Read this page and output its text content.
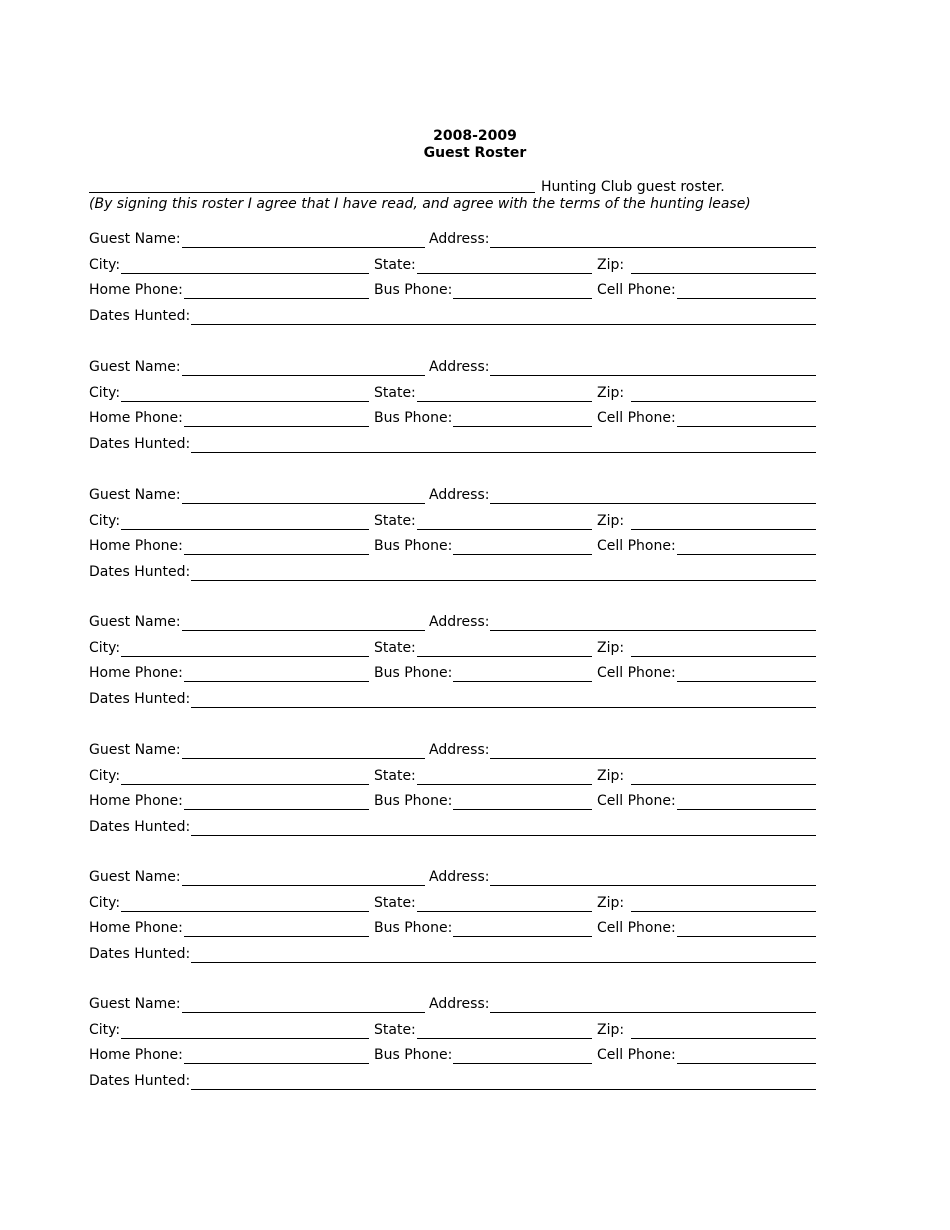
2008-2009
Guest Roster
Hunting Club guest roster.
(By signing this roster I agree that I have read, and agree with the terms of the hunting lease)
Guest Name:	Address:
City:	State:	Zip:
Home Phone:	Bus Phone:	Cell Phone:
Dates Hunted:
Guest Name:	Address:
City:	State:	Zip:
Home Phone:	Bus Phone:	Cell Phone:
Dates Hunted:
Guest Name:	Address:
City:	State:	Zip:
Home Phone:	Bus Phone:	Cell Phone:
Dates Hunted:
Guest Name:	Address:
City:	State:	Zip:
Home Phone:	Bus Phone:	Cell Phone:
Dates Hunted:
Guest Name:	Address:
City:	State:	Zip:
Home Phone:	Bus Phone:	Cell Phone:
Dates Hunted:
Guest Name:	Address:
City:	State:	Zip:
Home Phone:	Bus Phone:	Cell Phone:
Dates Hunted:
Guest Name:	Address:
City:	State:	Zip:
Home Phone:	Bus Phone:	Cell Phone:
Dates Hunted:
